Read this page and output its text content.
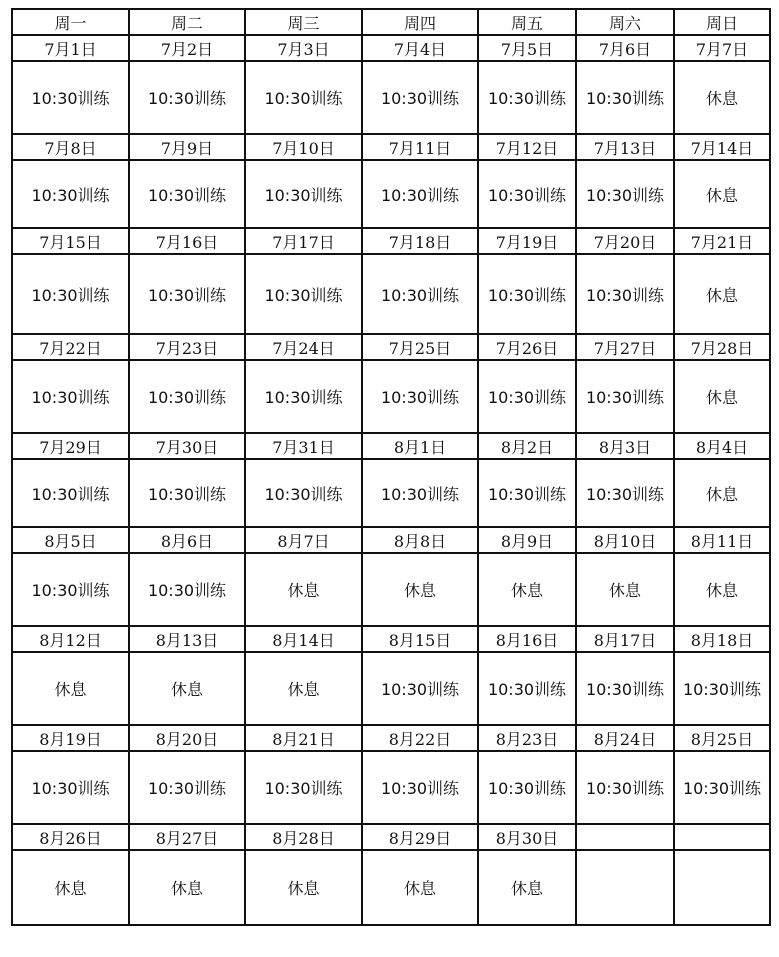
周一	周二	周三	周四	周五	周六	周日
7月1日	7月2日	7月3日	7月4日	7月5日	7月6日	7月7日
10:30训练	10:30训练	10:30训练	10:30训练	10:30训练	10:30训练	休息
7月8日	7月9日	7月10日	7月11日	7月12日	7月13日	7月14日
10:30训练	10:30训练	10:30训练	10:30训练	10:30训练	10:30训练	休息
7月15日	7月16日	7月17日	7月18日	7月19日	7月20日	7月21日
10:30训练	10:30训练	10:30训练	10:30训练	10:30训练	10:30训练	休息
7月22日	7月23日	7月24日	7月25日	7月26日	7月27日	7月28日
10:30训练	10:30训练	10:30训练	10:30训练	10:30训练	10:30训练	休息
7月29日	7月30日	7月31日	8月1日	8月2日	8月3日	8月4日
10:30训练	10:30训练	10:30训练	10:30训练	10:30训练	10:30训练	休息
8月5日	8月6日	8月7日	8月8日	8月9日	8月10日	8月11日
10:30训练	10:30训练	休息	休息	休息	休息	休息
8月12日	8月13日	8月14日	8月15日	8月16日	8月17日	8月18日
休息	休息	休息	10:30训练	10:30训练	10:30训练	10:30训练
8月19日	8月20日	8月21日	8月22日	8月23日	8月24日	8月25日
10:30训练	10:30训练	10:30训练	10:30训练	10:30训练	10:30训练	10:30训练
8月26日	8月27日	8月28日	8月29日	8月30日		
休息	休息	休息	休息	休息		
